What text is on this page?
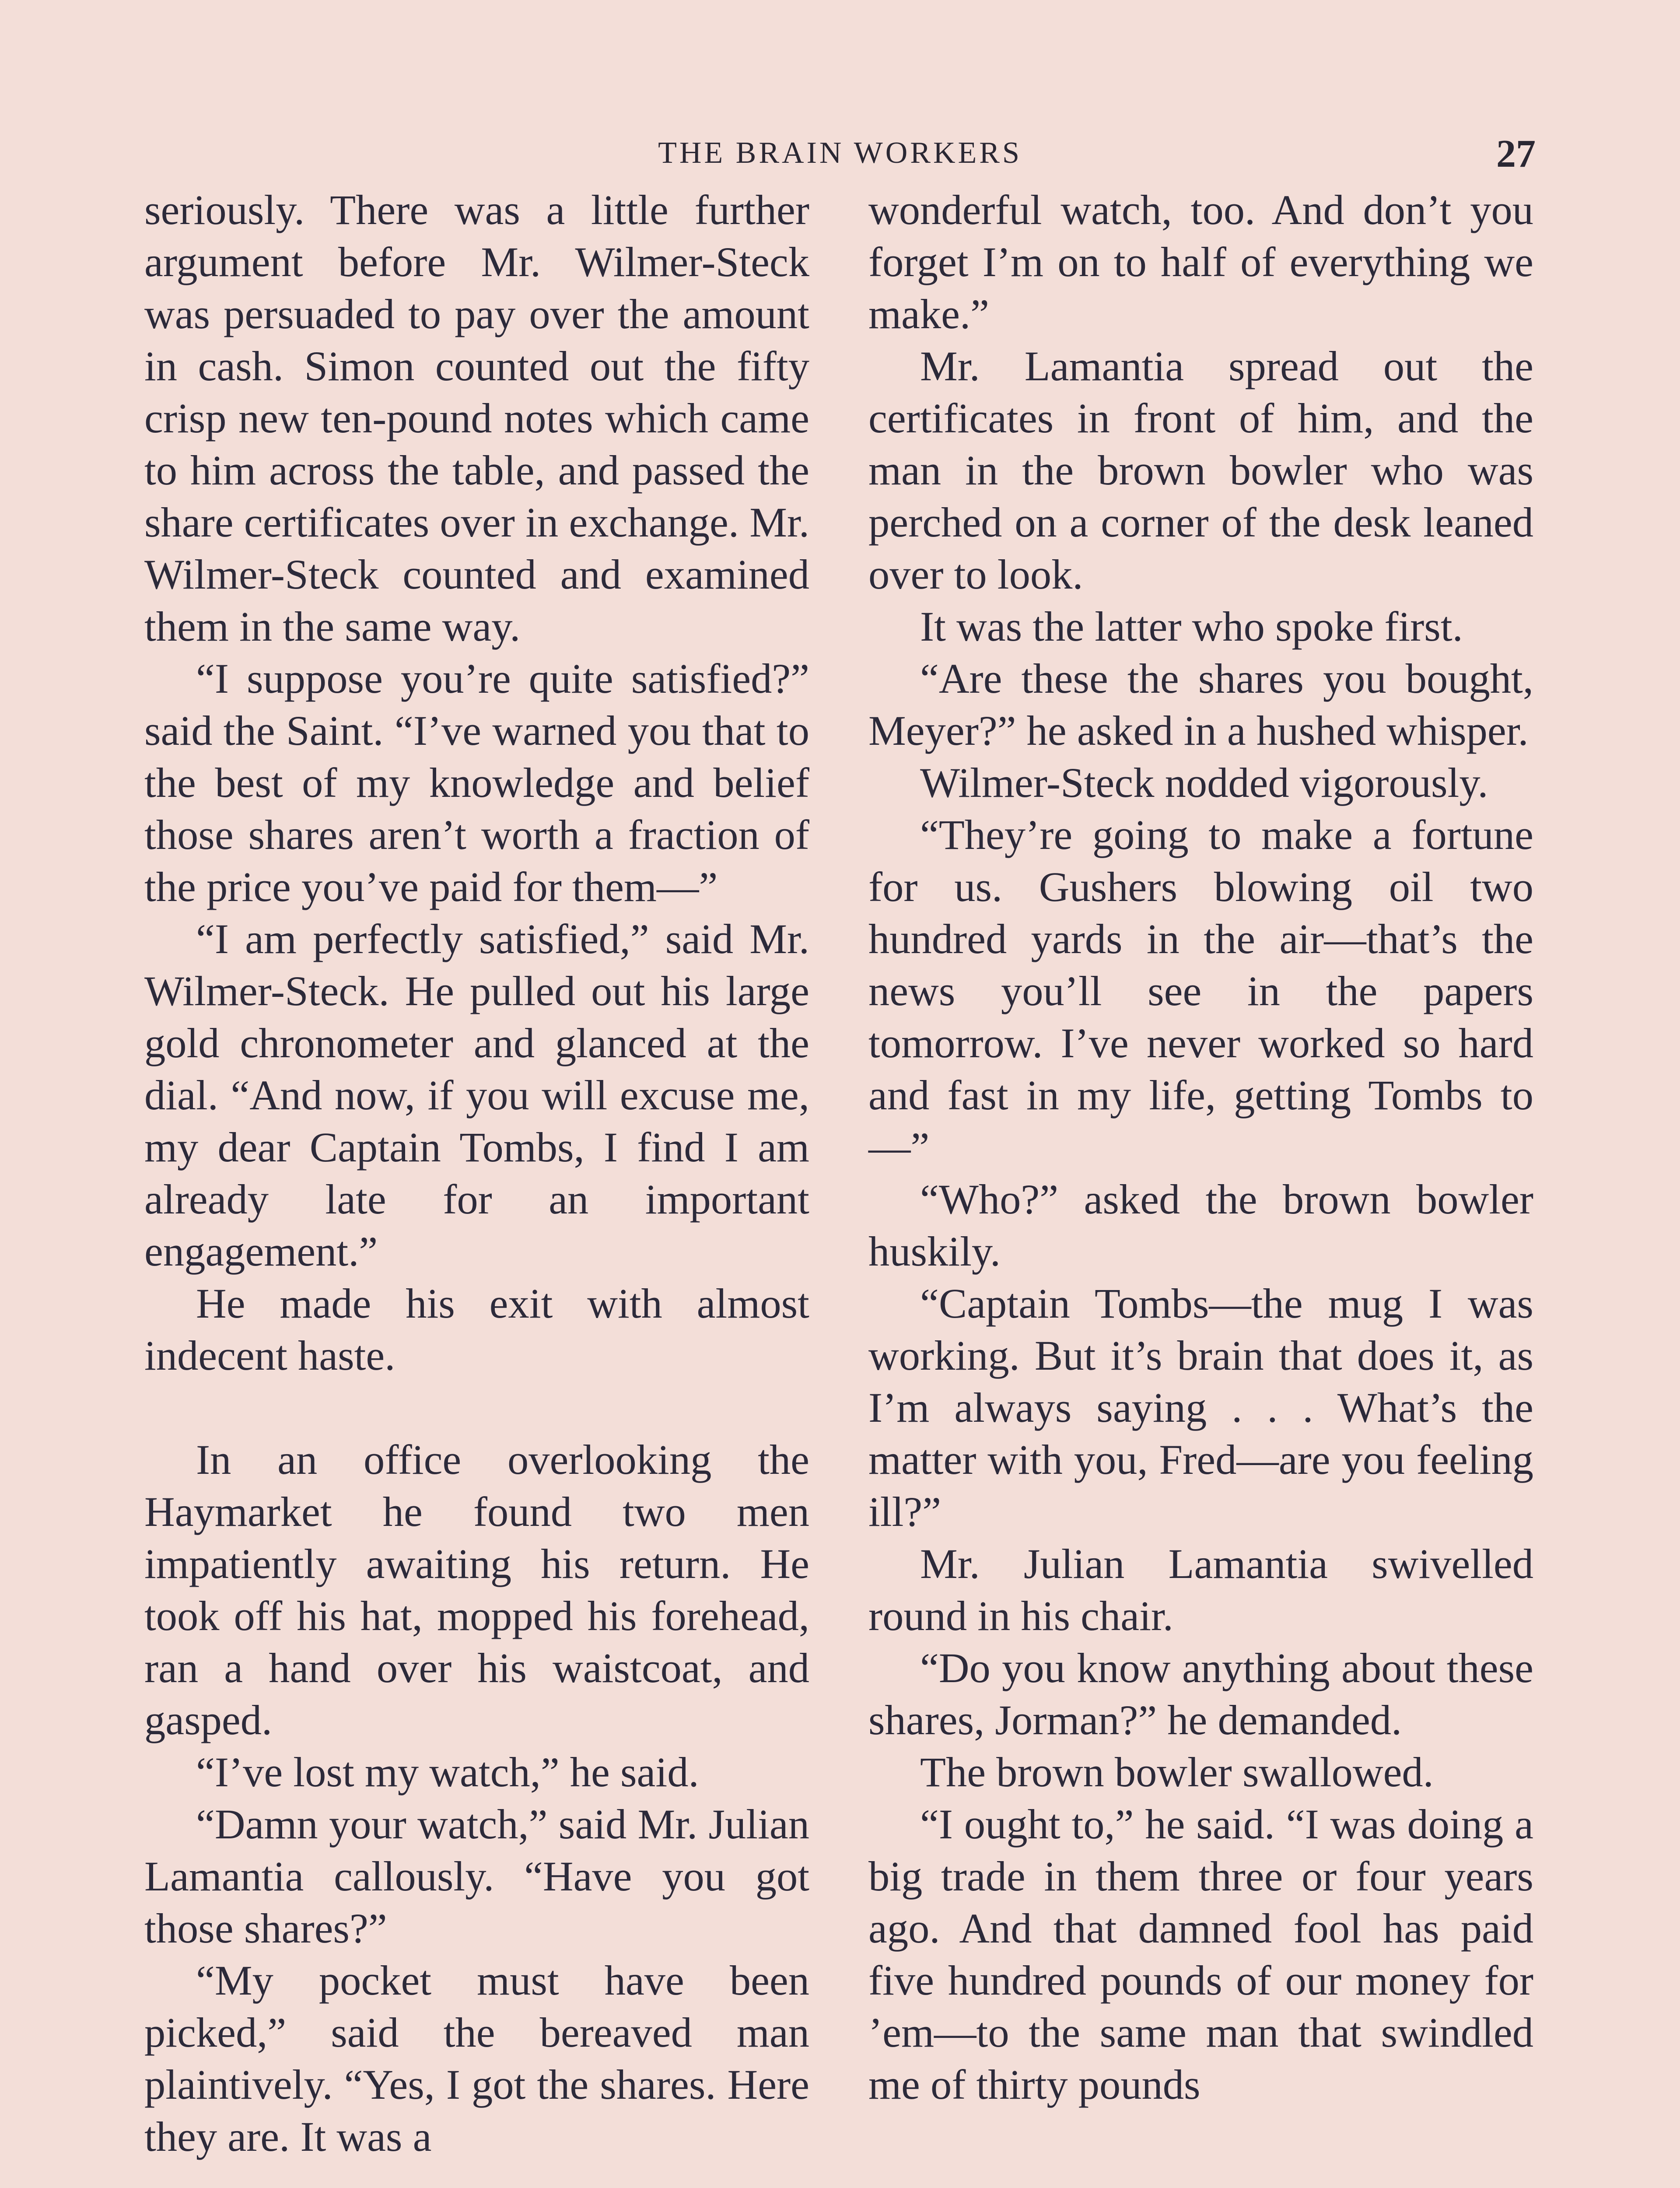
THE BRAIN WORKERS	27

seriously. There was a little further argument before Mr. Wilmer-Steck was persuaded to pay over the amount in cash. Simon counted out the fifty crisp new ten-pound notes which came to him across the table, and passed the share certificates over in exchange. Mr. Wilmer-Steck counted and examined them in the same way.

“I suppose you’re quite satisfied?” said the Saint. “I’ve warned you that to the best of my knowledge and belief those shares aren’t worth a fraction of the price you’ve paid for them—”

“I am perfectly satisfied,” said Mr. Wilmer-Steck. He pulled out his large gold chronometer and glanced at the dial. “And now, if you will excuse me, my dear Captain Tombs, I find I am already late for an important engagement.”

He made his exit with almost indecent haste.

In an office overlooking the Haymarket he found two men impatiently awaiting his return. He took off his hat, mopped his forehead, ran a hand over his waistcoat, and gasped.

“I’ve lost my watch,” he said.

“Damn your watch,” said Mr. Julian Lamantia callously. “Have you got those shares?”

“My pocket must have been picked,” said the bereaved man plaintively. “Yes, I got the shares. Here they are. It was a

wonderful watch, too. And don’t you forget I’m on to half of everything we make.”

Mr. Lamantia spread out the certificates in front of him, and the man in the brown bowler who was perched on a corner of the desk leaned over to look.

It was the latter who spoke first.

“Are these the shares you bought, Meyer?” he asked in a hushed whisper.

Wilmer-Steck nodded vigorously.

“They’re going to make a fortune for us. Gushers blowing oil two hundred yards in the air—that’s the news you’ll see in the papers tomorrow. I’ve never worked so hard and fast in my life, getting Tombs to—”

“Who?” asked the brown bowler huskily.

“Captain Tombs—the mug I was working. But it’s brain that does it, as I’m always saying . . . What’s the matter with you, Fred—are you feeling ill?”

Mr. Julian Lamantia swivelled round in his chair.

“Do you know anything about these shares, Jorman?” he demanded.

The brown bowler swallowed.

“I ought to,” he said. “I was doing a big trade in them three or four years ago. And that damned fool has paid five hundred pounds of our money for ’em—to the same man that swindled me of thirty pounds
